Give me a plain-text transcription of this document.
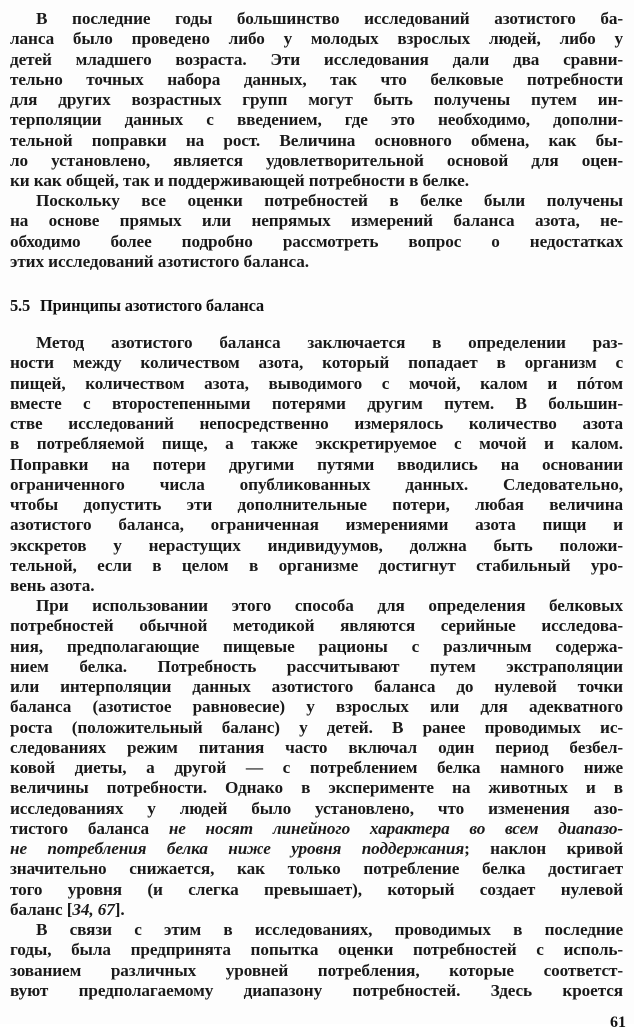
В последние годы большинство исследований азотистого ба-
ланса было проведено либо у молодых взрослых людей, либо у
детей младшего возраста. Эти исследования дали два сравни-
тельно точных набора данных, так что белковые потребности
для других возрастных групп могут быть получены путем ин-
терполяции данных с введением, где это необходимо, дополни-
тельной поправки на рост. Величина основного обмена, как бы-
ло установлено, является удовлетворительной основой для оцен-
ки как общей, так и поддерживающей потребности в белке.
Поскольку все оценки потребностей в белке были получены
на основе прямых или непрямых измерений баланса азота, не-
обходимо более подробно рассмотреть вопрос о недостатках
этих исследований азотистого баланса.
5.5 Принципы азотистого баланса
Метод азотистого баланса заключается в определении раз-
ности между количеством азота, который попадает в организм с
пищей, количеством азота, выводимого с мочой, калом и пóтом
вместе с второстепенными потерями другим путем. В большин-
стве исследований непосредственно измерялось количество азота
в потребляемой пище, а также экскретируемое с мочой и калом.
Поправки на потери другими путями вводились на основании
ограниченного числа опубликованных данных. Следовательно,
чтобы допустить эти дополнительные потери, любая величина
азотистого баланса, ограниченная измерениями азота пищи и
экскретов у нерастущих индивидуумов, должна быть положи-
тельной, если в целом в организме достигнут стабильный уро-
вень азота.
При использовании этого способа для определения белковых
потребностей обычной методикой являются серийные исследова-
ния, предполагающие пищевые рационы с различным содержа-
нием белка. Потребность рассчитывают путем экстраполяции
или интерполяции данных азотистого баланса до нулевой точки
баланса (азотистое равновесие) у взрослых или для адекватного
роста (положительный баланс) у детей. В ранее проводимых ис-
следованиях режим питания часто включал один период безбел-
ковой диеты, а другой — с потреблением белка намного ниже
величины потребности. Однако в эксперименте на животных и в
исследованиях у людей было установлено, что изменения азо-
тистого баланса не носят линейного характера во всем диапазо-
не потребления белка ниже уровня поддержания; наклон кривой
значительно снижается, как только потребление белка достигает
того уровня (и слегка превышает), который создает нулевой
баланс [34, 67].
В связи с этим в исследованиях, проводимых в последние
годы, была предпринята попытка оценки потребностей с исполь-
зованием различных уровней потребления, которые соответст-
вуют предполагаемому диапазону потребностей. Здесь кроется
61
